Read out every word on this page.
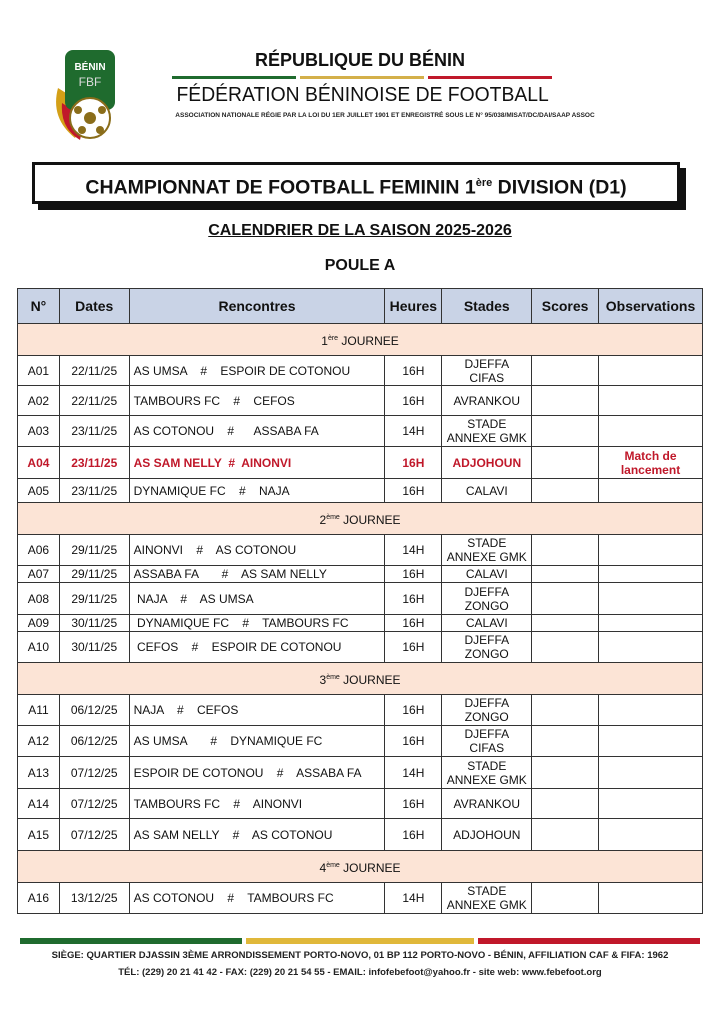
BÉNIN
FBF
RÉPUBLIQUE DU BÉNIN
FÉDÉRATION BÉNINOISE DE FOOTBALL
ASSOCIATION NATIONALE RÉGIE PAR LA LOI DU 1ER JUILLET 1901 ET ENREGISTRÉ SOUS LE N° 95/038/MISAT/DC/DAI/SAAP ASSOC
CHAMPIONNAT DE FOOTBALL FEMININ 1ère DIVISION (D1)
CALENDRIER DE LA SAISON 2025-2026
POULE A
N°	Dates	Rencontres	Heures	Stades	Scores	Observations
1ère JOURNEE						
A01	22/11/25	AS UMSA    #    ESPOIR DE COTONOU	16H	DJEFFA CIFAS		
A02	22/11/25	TAMBOURS FC    #    CEFOS	16H	AVRANKOU		
A03	23/11/25	AS COTONOU    #      ASSABA FA	14H	STADE ANNEXE GMK		
A04	23/11/25	AS SAM NELLY  #  AINONVI	16H	ADJOHOUN		Match de lancement
A05	23/11/25	DYNAMIQUE FC    #    NAJA	16H	CALAVI		
2ème JOURNEE						
A06	29/11/25	AINONVI    #    AS COTONOU	14H	STADE ANNEXE GMK		
A07	29/11/25	ASSABA FA       #    AS SAM NELLY	16H	CALAVI		
A08	29/11/25	NAJA    #    AS UMSA	16H	DJEFFA ZONGO		
A09	30/11/25	DYNAMIQUE FC    #    TAMBOURS FC	16H	CALAVI		
A10	30/11/25	CEFOS    #    ESPOIR DE COTONOU	16H	DJEFFA ZONGO		
3ème JOURNEE						
A11	06/12/25	NAJA    #    CEFOS	16H	DJEFFA ZONGO		
A12	06/12/25	AS UMSA       #    DYNAMIQUE FC	16H	DJEFFA CIFAS		
A13	07/12/25	ESPOIR DE COTONOU    #    ASSABA FA	14H	STADE ANNEXE GMK		
A14	07/12/25	TAMBOURS FC    #    AINONVI	16H	AVRANKOU		
A15	07/12/25	AS SAM NELLY    #    AS COTONOU	16H	ADJOHOUN		
4ème JOURNEE						
A16	13/12/25	AS COTONOU    #    TAMBOURS FC	14H	STADE ANNEXE GMK		
SIÈGE: QUARTIER DJASSIN 3ÈME ARRONDISSEMENT PORTO-NOVO, 01 BP 112 PORTO-NOVO - BÉNIN, AFFILIATION CAF & FIFA: 1962
TÉL: (229) 20 21 41 42 - FAX: (229) 20 21 54 55 - EMAIL: infofebefoot@yahoo.fr - site web: www.febefoot.org
